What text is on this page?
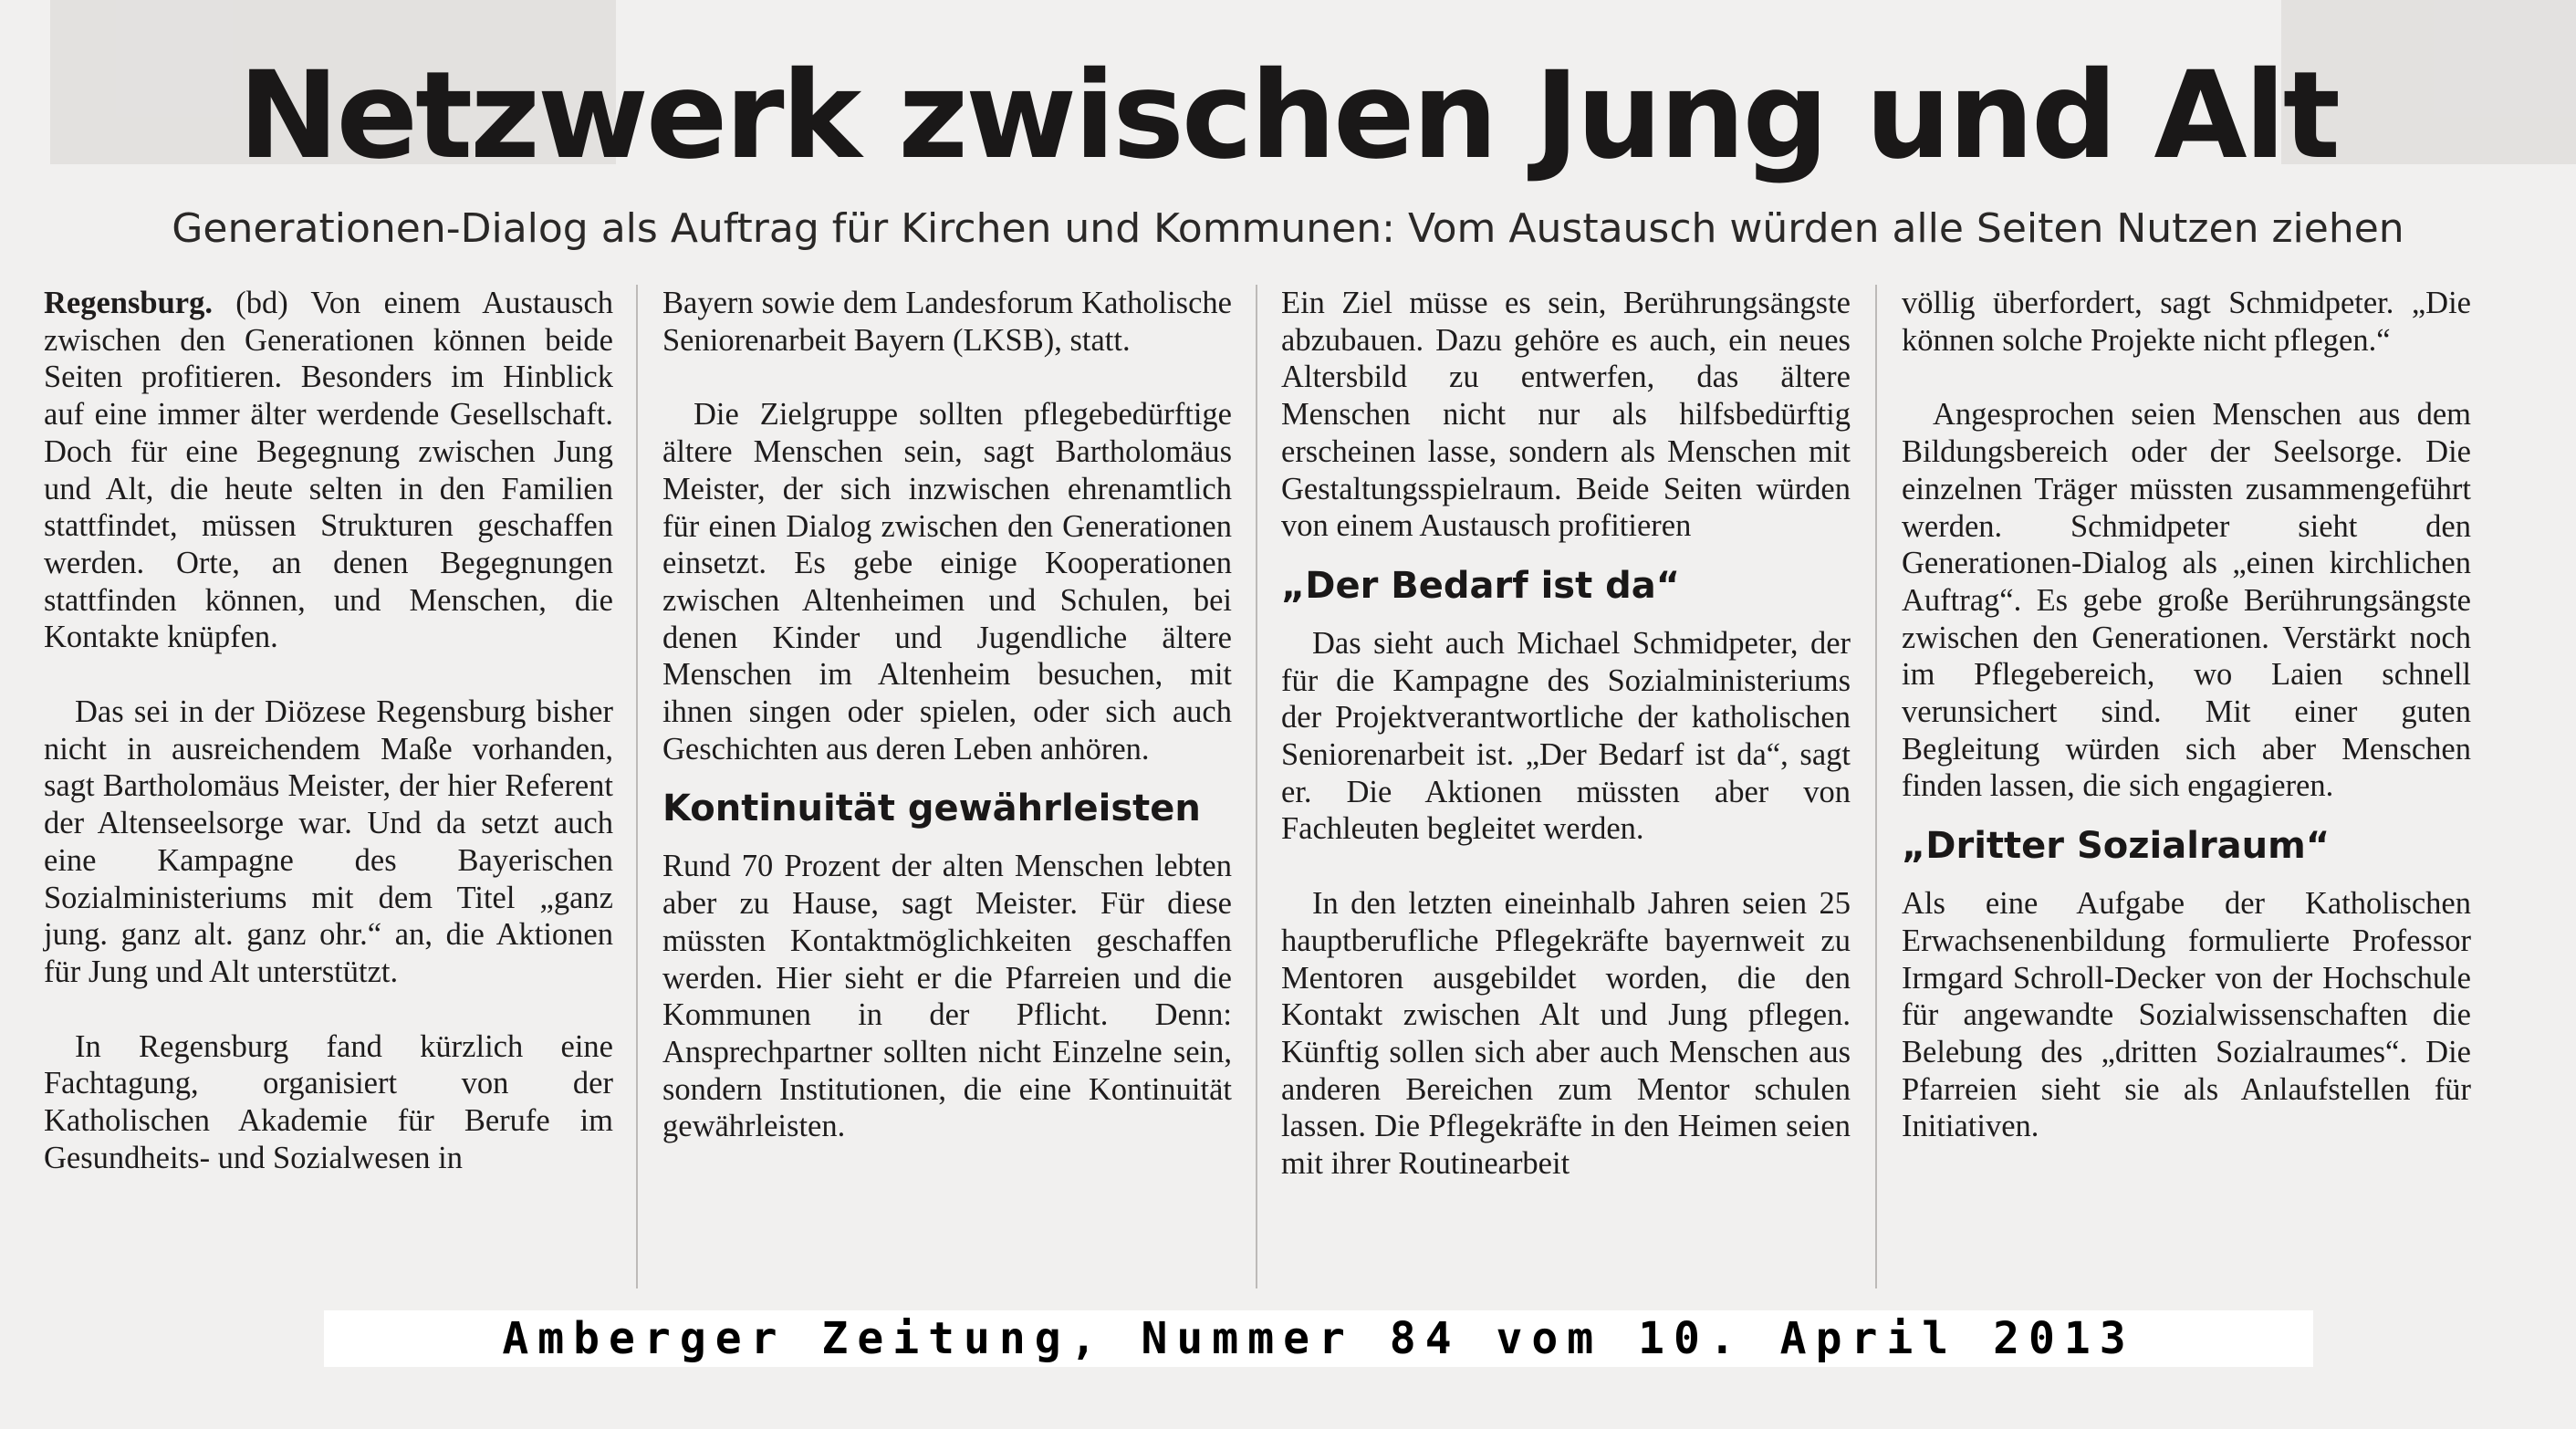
Netzwerk zwischen Jung und Alt
Generationen-Dialog als Auftrag für Kirchen und Kommunen: Vom Austausch würden alle Seiten Nutzen ziehen

Regensburg. (bd) Von einem Austausch zwischen den Generationen können beide Seiten profitieren. Besonders im Hinblick auf eine immer älter werdende Gesellschaft. Doch für eine Begegnung zwischen Jung und Alt, die heute selten in den Familien stattfindet, müssen Strukturen geschaffen werden. Orte, an denen Begegnungen stattfinden können, und Menschen, die Kontakte knüpfen.

Das sei in der Diözese Regensburg bisher nicht in ausreichendem Maße vorhanden, sagt Bartholomäus Meister, der hier Referent der Altenseelsorge war. Und da setzt auch eine Kampagne des Bayerischen Sozialministeriums mit dem Titel „ganz jung. ganz alt. ganz ohr.“ an, die Aktionen für Jung und Alt unterstützt.

In Regensburg fand kürzlich eine Fachtagung, organisiert von der Katholischen Akademie für Berufe im Gesundheits- und Sozialwesen in

Bayern sowie dem Landesforum Katholische Seniorenarbeit Bayern (LKSB), statt.

Die Zielgruppe sollten pflegebedürftige ältere Menschen sein, sagt Bartholomäus Meister, der sich inzwischen ehrenamtlich für einen Dialog zwischen den Generationen einsetzt. Es gebe einige Kooperationen zwischen Altenheimen und Schulen, bei denen Kinder und Jugendliche ältere Menschen im Altenheim besuchen, mit ihnen singen oder spielen, oder sich auch Geschichten aus deren Leben anhören.

Kontinuität gewährleisten

Rund 70 Prozent der alten Menschen lebten aber zu Hause, sagt Meister. Für diese müssten Kontaktmöglichkeiten geschaffen werden. Hier sieht er die Pfarreien und die Kommunen in der Pflicht. Denn: Ansprechpartner sollten nicht Einzelne sein, sondern Institutionen, die eine Kontinuität gewährleisten.

Ein Ziel müsse es sein, Berührungsängste abzubauen. Dazu gehöre es auch, ein neues Altersbild zu entwerfen, das ältere Menschen nicht nur als hilfsbedürftig erscheinen lasse, sondern als Menschen mit Gestaltungsspielraum. Beide Seiten würden von einem Austausch profitieren

„Der Bedarf ist da“

Das sieht auch Michael Schmidpeter, der für die Kampagne des Sozialministeriums der Projektverantwortliche der katholischen Seniorenarbeit ist. „Der Bedarf ist da“, sagt er. Die Aktionen müssten aber von Fachleuten begleitet werden.

In den letzten eineinhalb Jahren seien 25 hauptberufliche Pflegekräfte bayernweit zu Mentoren ausgebildet worden, die den Kontakt zwischen Alt und Jung pflegen. Künftig sollen sich aber auch Menschen aus anderen Bereichen zum Mentor schulen lassen. Die Pflegekräfte in den Heimen seien mit ihrer Routinearbeit

völlig überfordert, sagt Schmidpeter. „Die können solche Projekte nicht pflegen.“

Angesprochen seien Menschen aus dem Bildungsbereich oder der Seelsorge. Die einzelnen Träger müssten zusammengeführt werden. Schmidpeter sieht den Generationen-Dialog als „einen kirchlichen Auftrag“. Es gebe große Berührungsängste zwischen den Generationen. Verstärkt noch im Pflegebereich, wo Laien schnell verunsichert sind. Mit einer guten Begleitung würden sich aber Menschen finden lassen, die sich engagieren.

„Dritter Sozialraum“

Als eine Aufgabe der Katholischen Erwachsenenbildung formulierte Professor Irmgard Schroll-Decker von der Hochschule für angewandte Sozialwissenschaften die Belebung des „dritten Sozialraumes“. Die Pfarreien sieht sie als Anlaufstellen für Initiativen.

Amberger Zeitung, Nummer 84 vom 10. April 2013
